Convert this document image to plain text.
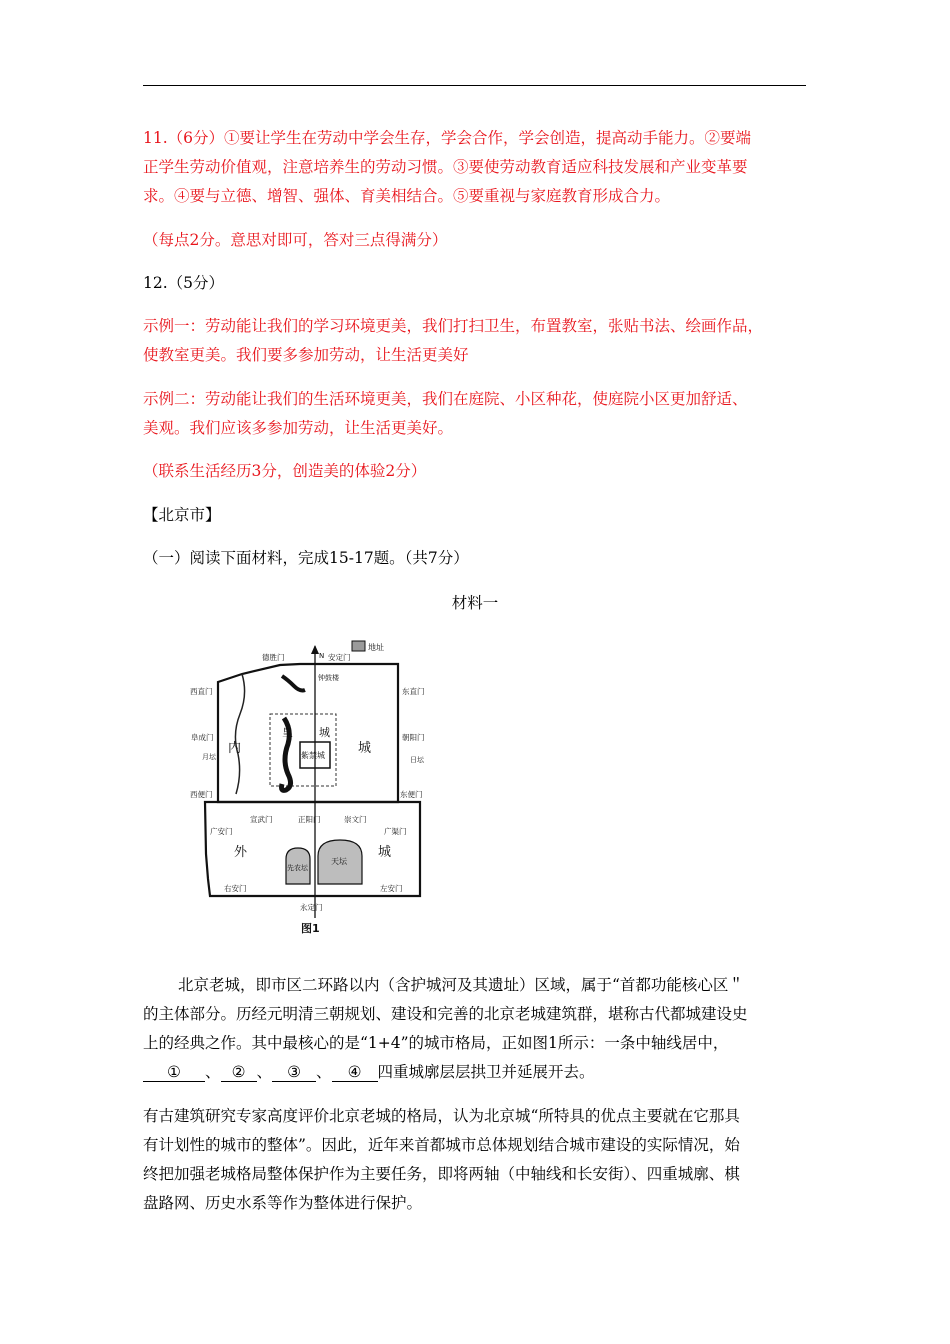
11.（6分）①要让学生在劳动中学会生存，学会合作，学会创造，提高动手能力。②要端
正学生劳动价值观，注意培养生的劳动习惯。③要使劳动教育适应科技发展和产业变革要
求。④要与立德、增智、强体、育美相结合。⑤要重视与家庭教育形成合力。
（每点2分。意思对即可，答对三点得满分）
12.（5分）
示例一：劳动能让我们的学习环境更美，我们打扫卫生，布置教室，张贴书法、绘画作品，
使教室更美。我们要多参加劳动，让生活更美好
示例二：劳动能让我们的生活环境更美，我们在庭院、小区种花，使庭院小区更加舒适、
美观。我们应该多参加劳动，让生活更美好。
（联系生活经历3分，创造美的体验2分）
【北京市】
（一）阅读下面材料，完成15-17题。（共7分）
材料一
地址
N
德胜门	安定门
钟鼓楼
西直门	东直门
阜成门	朝阳门
月坛	日坛
西便门	东便门
宣武门	正阳门	崇文门
广安门	广渠门
右安门	左安门
永定门
内	城
皇 城
紫禁城
外	城
先农坛
天坛
图1
北京老城，即市区二环路以内（含护城河及其遗址）区域，属于“首都功能核心区＂
的主体部分。历经元明清三朝规划、建设和完善的北京老城建筑群，堪称古代都城建设史
上的经典之作。其中最核心的是“1+4”的城市格局，正如图1所示：一条中轴线居中，
① 、 ② 、 ③ 、 ④ 四重城廓层层拱卫并延展开去。
有古建筑研究专家高度评价北京老城的格局，认为北京城“所特具的优点主要就在它那具
有计划性的城市的整体”。因此，近年来首都城市总体规划结合城市建设的实际情况，始
终把加强老城格局整体保护作为主要任务，即将两轴（中轴线和长安街）、四重城廓、棋
盘路网、历史水系等作为整体进行保护。
